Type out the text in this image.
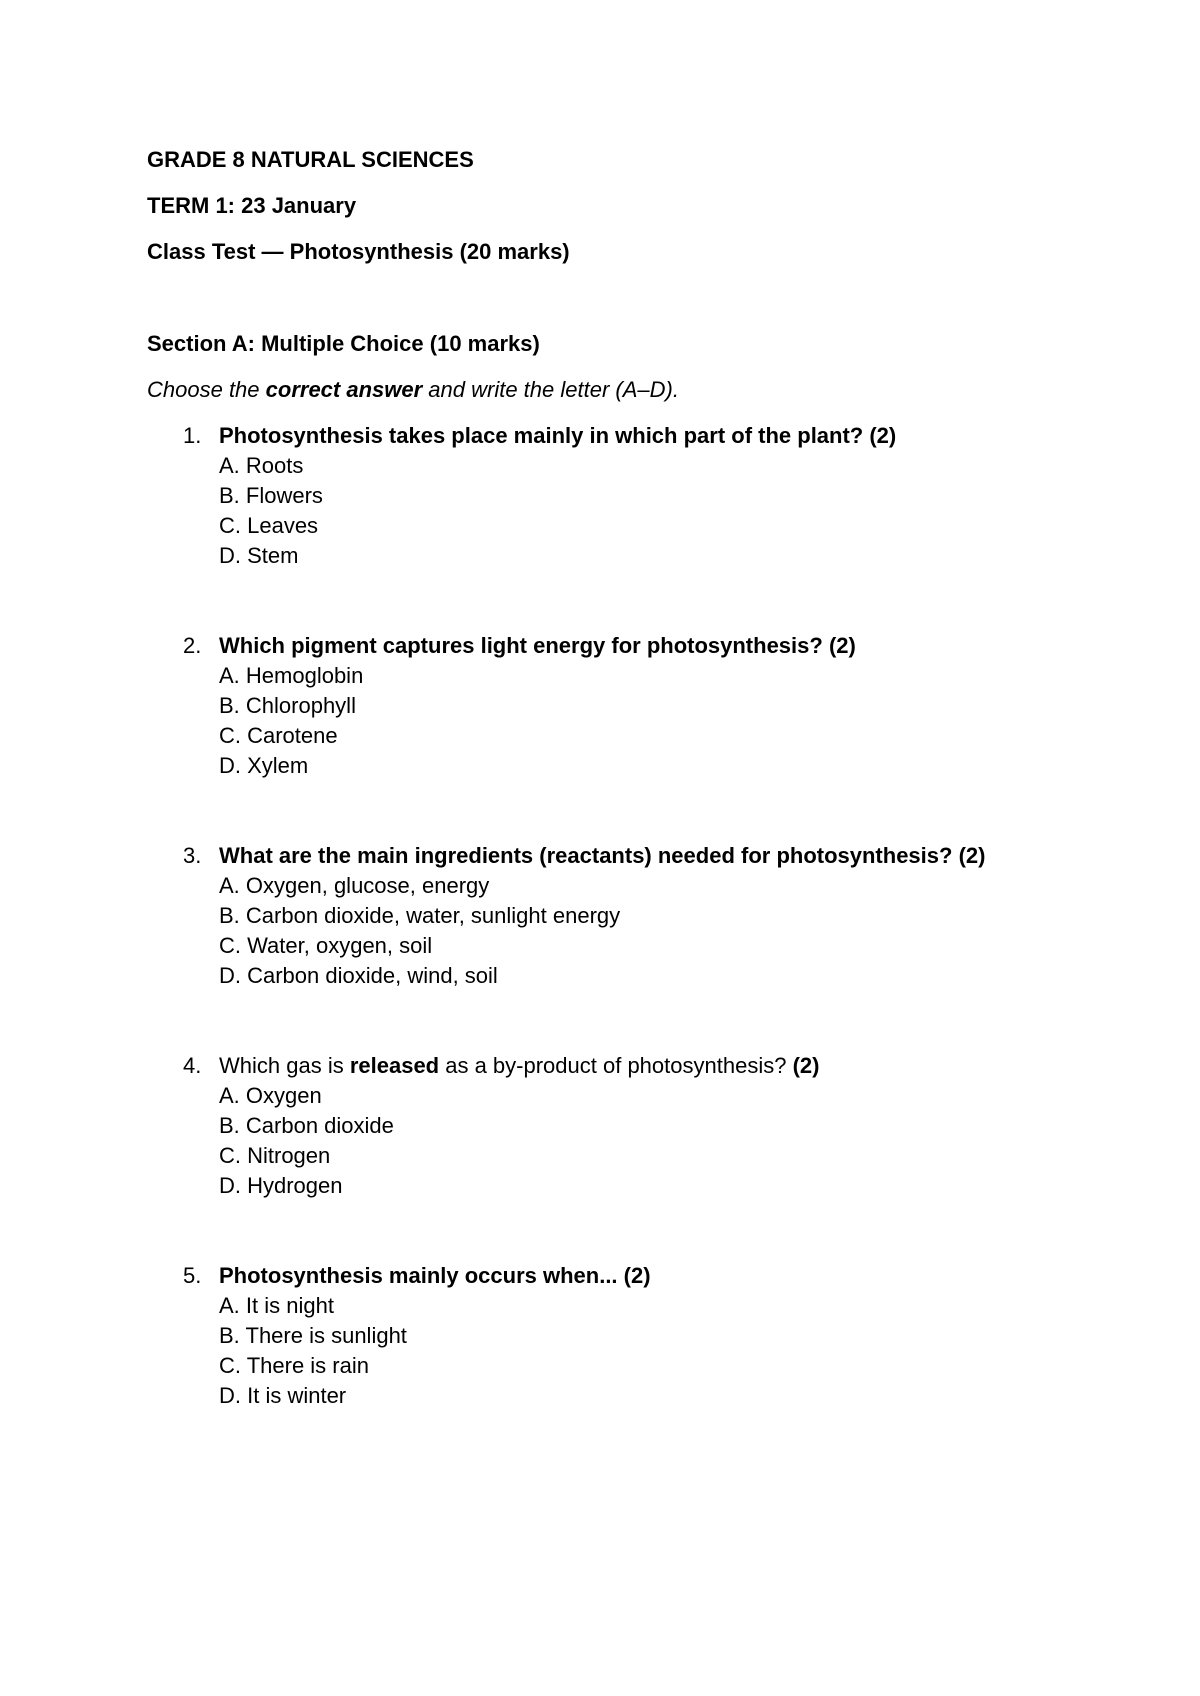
GRADE 8 NATURAL SCIENCES
TERM 1: 23 January
Class Test — Photosynthesis (20 marks)
Section A: Multiple Choice (10 marks)
Choose the correct answer and write the letter (A–D).
1. Photosynthesis takes place mainly in which part of the plant? (2)
A. Roots
B. Flowers
C. Leaves
D. Stem
2. Which pigment captures light energy for photosynthesis? (2)
A. Hemoglobin
B. Chlorophyll
C. Carotene
D. Xylem
3. What are the main ingredients (reactants) needed for photosynthesis? (2)
A. Oxygen, glucose, energy
B. Carbon dioxide, water, sunlight energy
C. Water, oxygen, soil
D. Carbon dioxide, wind, soil
4. Which gas is released as a by-product of photosynthesis? (2)
A. Oxygen
B. Carbon dioxide
C. Nitrogen
D. Hydrogen
5. Photosynthesis mainly occurs when... (2)
A. It is night
B. There is sunlight
C. There is rain
D. It is winter
